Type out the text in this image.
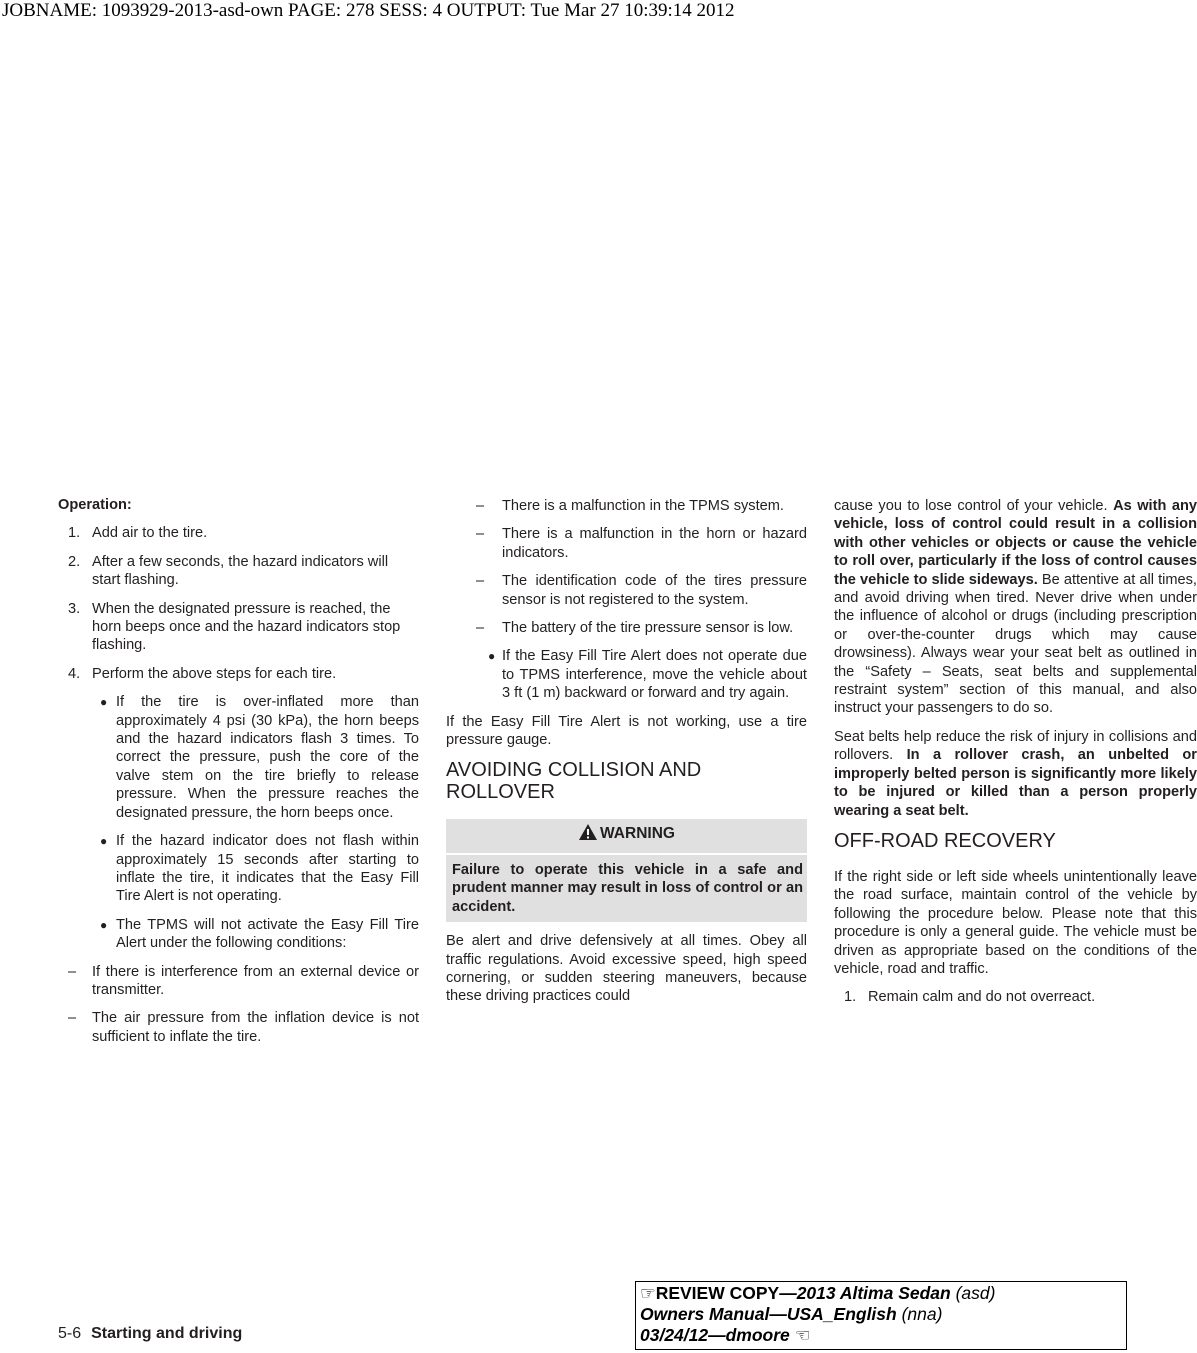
JOBNAME: 1093929-2013-asd-own PAGE: 278 SESS: 4 OUTPUT: Tue Mar 27 10:39:14 2012
Operation:
1. Add air to the tire.
2. After a few seconds, the hazard indicators will start flashing.
3. When the designated pressure is reached, the horn beeps once and the hazard indicators stop flashing.
4. Perform the above steps for each tire.
● If the tire is over-inflated more than approximately 4 psi (30 kPa), the horn beeps and the hazard indicators flash 3 times. To correct the pressure, push the core of the valve stem on the tire briefly to release pressure. When the pressure reaches the designated pressure, the horn beeps once.
● If the hazard indicator does not flash within approximately 15 seconds after starting to inflate the tire, it indicates that the Easy Fill Tire Alert is not operating.
● The TPMS will not activate the Easy Fill Tire Alert under the following conditions:
– If there is interference from an external device or transmitter.
– The air pressure from the inflation device is not sufficient to inflate the tire.
– There is a malfunction in the TPMS system.
– There is a malfunction in the horn or hazard indicators.
– The identification code of the tires pressure sensor is not registered to the system.
– The battery of the tire pressure sensor is low.
● If the Easy Fill Tire Alert does not operate due to TPMS interference, move the vehicle about 3 ft (1 m) backward or forward and try again.
If the Easy Fill Tire Alert is not working, use a tire pressure gauge.
AVOIDING COLLISION AND ROLLOVER
WARNING
Failure to operate this vehicle in a safe and prudent manner may result in loss of control or an accident.
Be alert and drive defensively at all times. Obey all traffic regulations. Avoid excessive speed, high speed cornering, or sudden steering maneuvers, because these driving practices could
cause you to lose control of your vehicle. As with any vehicle, loss of control could result in a collision with other vehicles or objects or cause the vehicle to roll over, particularly if the loss of control causes the vehicle to slide sideways. Be attentive at all times, and avoid driving when tired. Never drive when under the influence of alcohol or drugs (including prescription or over-the-counter drugs which may cause drowsiness). Always wear your seat belt as outlined in the “Safety – Seats, seat belts and supplemental restraint system” section of this manual, and also instruct your passengers to do so.
Seat belts help reduce the risk of injury in collisions and rollovers. In a rollover crash, an unbelted or improperly belted person is significantly more likely to be injured or killed than a person properly wearing a seat belt.
OFF-ROAD RECOVERY
If the right side or left side wheels unintentionally leave the road surface, maintain control of the vehicle by following the procedure below. Please note that this procedure is only a general guide. The vehicle must be driven as appropriate based on the conditions of the vehicle, road and traffic.
1. Remain calm and do not overreact.
5-6 Starting and driving
☞REVIEW COPY—2013 Altima Sedan (asd)
Owners Manual—USA_English (nna)
03/24/12—dmoore ☜
